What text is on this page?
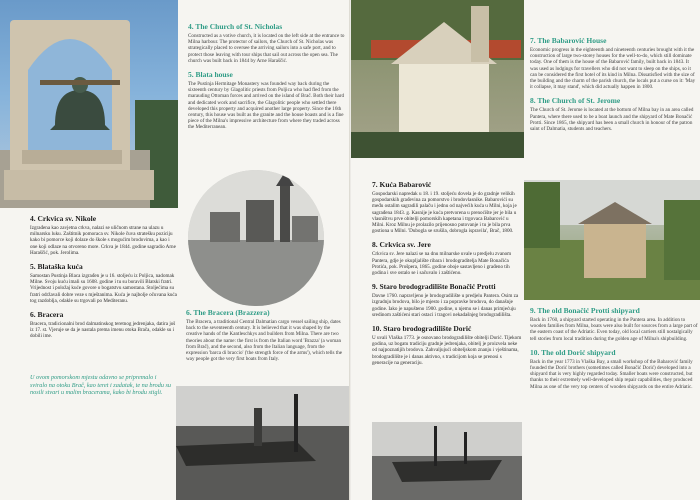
4. Crkvica sv. Nikole

Izgrađena kao zavjetna crkva, nalazi se uličnom strane na ulazu u milnarsku luku. Zaštitnik pomoraca sv. Nikole čuva stratešku poziciju kako bi pomorce koji dolaze do škole s mogućim brodovima, a kao i one koji odlaze na otvoreno more. Crkva je 1844. godine sagradio Arne Haraščić, pok. Jerolima.

5. Blataška kuća

Samostan Pustinja Blaca izgrađen je u 16. stoljeću iz Poljica, nadomak Milne. Svoju kuću imali su 1608. godine i tu su boravili Blatski fratri. Vrijednost i položaj kuće govore o bogatstvu samostana. Stoljećima su fratri održavali dobre veze s mještanima. Kuća je najbolje očuvana kuća tog razdoblja, odakle su trgovali po Mediteranu.

6. Bracera

Bracera, tradicionalni brod dalmatinskog teretnog jedrenjaka, datira još iz 17. st. Vjeruje se da je nastala prema imenu otoka Brača, odakle su i dobili ime.

U ovom pomorskom mjestu odavno se pripremalo i sviralo na otoku Brač, kao teret i zadatak, te na brodu su nosili stvari u malim bracerama, kako bi brodu stigli.
4. The Church of St. Nicholas

Constructed as a votive church, it is located on the left side at the entrance to Milna harbour. The protector of sailors, the Church of St. Nicholas was strategically placed to oversee the arriving sailors into a safe port, and to protect those leaving with tour ships that sail out across the open sea. The church was built back in 1844 by Arne Haraščić.

5. Blata house

The Pustinja Hermitage Monastery was founded way back during the sixteenth century by Glagolitic priests from Poljica who had fled from the marauding Ottoman forces and arrived on the island of Brač. Both their hard and dedicated work and sacrifice, the Glagolitic people who settled there developed this property and acquired another large property. Since the 16th century, this house was built as the granite and the house boasts and is a fine piece of the Milna's impressive architecture from where they traded across the Mediterranean.

6. The Bracera (Brazzera)

The Bracera, a traditional Central Dalmatian cargo vessel sailing ship, dates back to the seventeenth century. It is believed that it was shaped by the creative hands of the Kantleschkys and builders from Milna. There are two theories about the name: the first is from the Italian word 'Brazza' (a woman from Brač), and the second, also from the Italian language, from the expression 'barca di braccio' ('the strength force of the arms'), which tells the way people got the very first boats from Italy.

7. The Babarović House

Economic progress in the eighteenth and nineteenth centuries brought with it the construction of large two-storey houses for the well-to-do, which still dominate today. One of them is the house of the Babarović family, built back in 1843. It was used as lodgings for travellers who did not want to sleep on the ships, so it can be considered the first hotel of its kind in Milna. Dissatisfied with the size of the building and the charm of the parish church, the locals put a curse on it: 'May it collapse, it may stand', which did actually happen in 1800.

8. The Church of St. Jerome

The Church of St. Jerome is located at the bottom of Milna bay in an area called Pantera, where there used to be a boat launch and the shipyard of Mate Bonačić Protti. Since 1865, the shipyard has been a small church in honour of the patron saint of Dalmatia, students and teachers.

7. Kuća Babarović

Gospodarski napredak u 18. i 19. stoljeću dovela je do gradnje velikih gospodarskih građevina za pomorstvo i brodovlasnike. Babarovići su među ostalim sagradili palaču i jednu od najvećih kuća u Milni, koja je sagrađena 1843. g. Kasnije je kuća pretvorena u prenoćište jer je bila u vlasništvu prve obitelji pomorskih kapetana i trgovaca Babarović u Milni. Kroz Milnu je prolazilo prijenosno putovanje i tu je bila prva gostiona u Milni. 'Dubogla se srušila, dobrogla ispravila', Brač, 1800.

8. Crkvica sv. Jere

Crkvica sv. Jere nalazi se na dnu milnarske uvale u predjelu zvanom Pantera, gdje je okupljalište ribara i brodograditelja Mate Bonačića Protića, pok. Prošpera, 1865. godine oboje sastavljeno i građeno tih godina i sve ostalo se i sačuvalo i zaštićeno.

9. Staro brodogradilište Bonačić Protti

Davne 1760. napravljeno je brodogradilište u predjelu Pantera. Osim za izgradnju brodova, bilo je mjesto i za popravke brodova, do današnje godine. Iako je napušteno 1900. godine, u njemu se i danas primjećuju sredinom zaštićeni stari ostaci i tragovi nekadašnjeg brodogradilišta.

10. Staro brodogradilište Dorić

U uvali Vlaška 1773. je osnovano brodogradilište obitelji Dorić. Tijekom godina, uz bogatu tradiciju gradnje jedrenjaka, obitelj je proizvela neke od najpoznatijih brodova. Zahvaljujući obiteljskom znanju i vještinama, brodogradilište je i danas aktivno, s tradicijom koja se prenosi s generacije na generaciju.

9. The old Bonačić Protti shipyard

Back in 1760, a shipyard started operating in the Pantera area. In addition to wooden families from Milna, boats were also built for sources from a large part of the eastern coast of the Adriatic. Even today, old local carriers still nostalgically tell stories from local tradition during the golden age of Milna's shipbuilding.

10. The old Dorić shipyard

Back in the year 1773 in Vlaška Bay, a small workshop of the Babarović family founded the Dorić brothers (sometimes called Bonačić Dorić) developed into a shipyard that is very highly regarded today. Smaller boats were constructed, but thanks to their extremely well-developed ship repair capabilities, they produced Milna as one of the very top centers of wooden shipyards on the entire Adriatic.
